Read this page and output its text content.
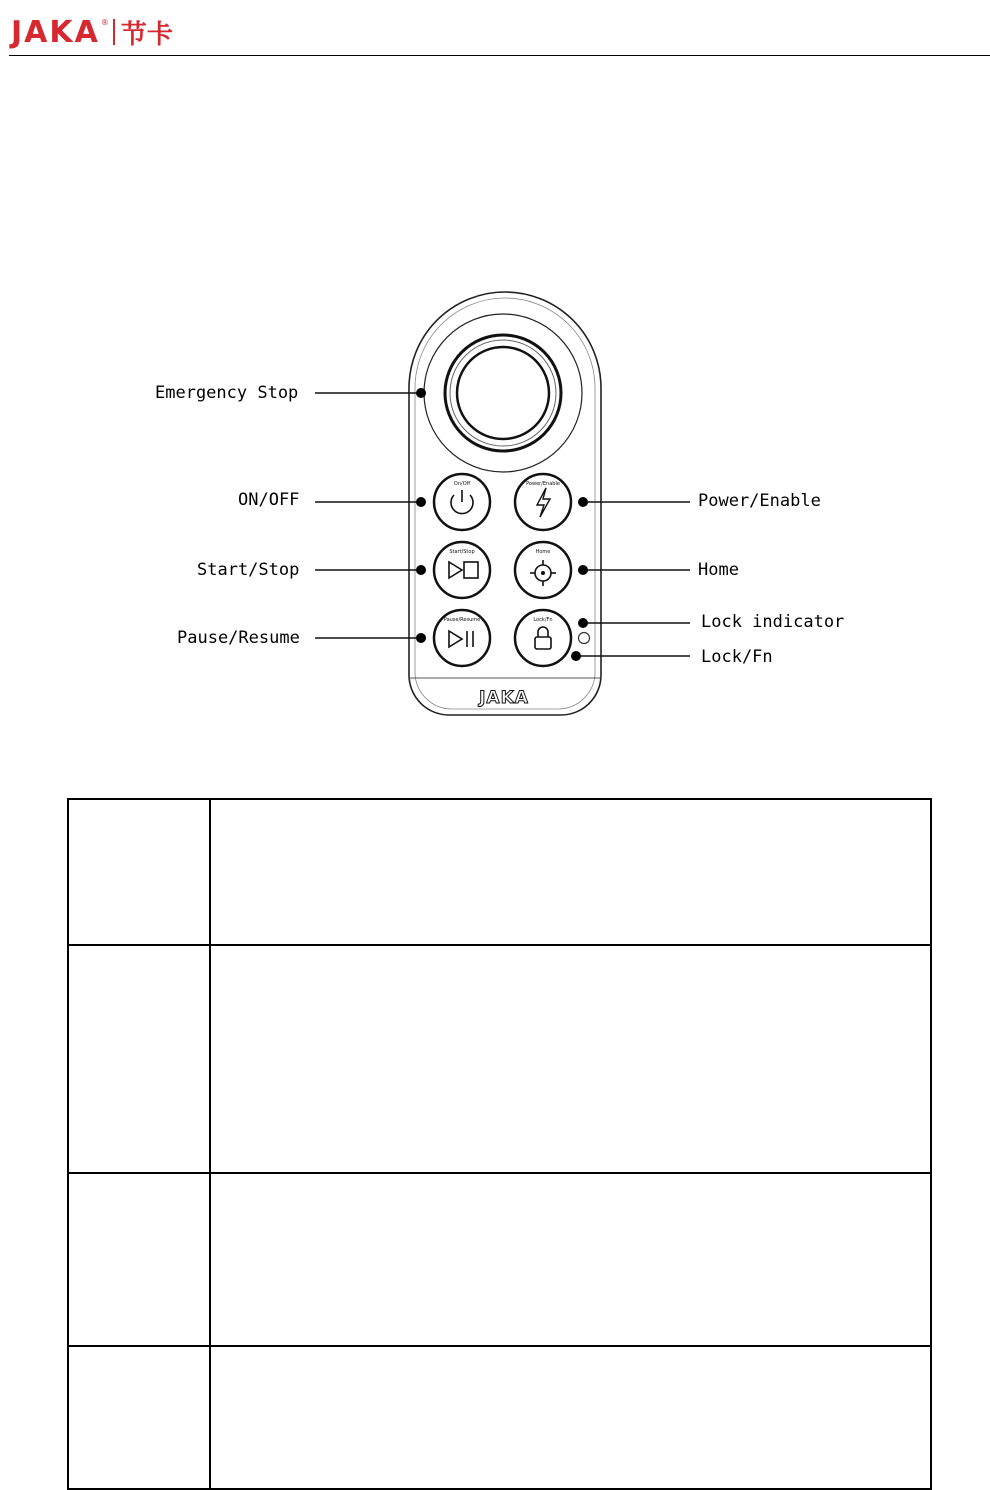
JAKA ® 节卡
On/Off	Power/Enable
Start/Stop	Home
Pause/Resume	Lock/Fn
JAKA
Emergency Stop
ON/OFF
Start/Stop
Pause/Resume
Power/Enable
Home
Lock indicator
Lock/Fn
